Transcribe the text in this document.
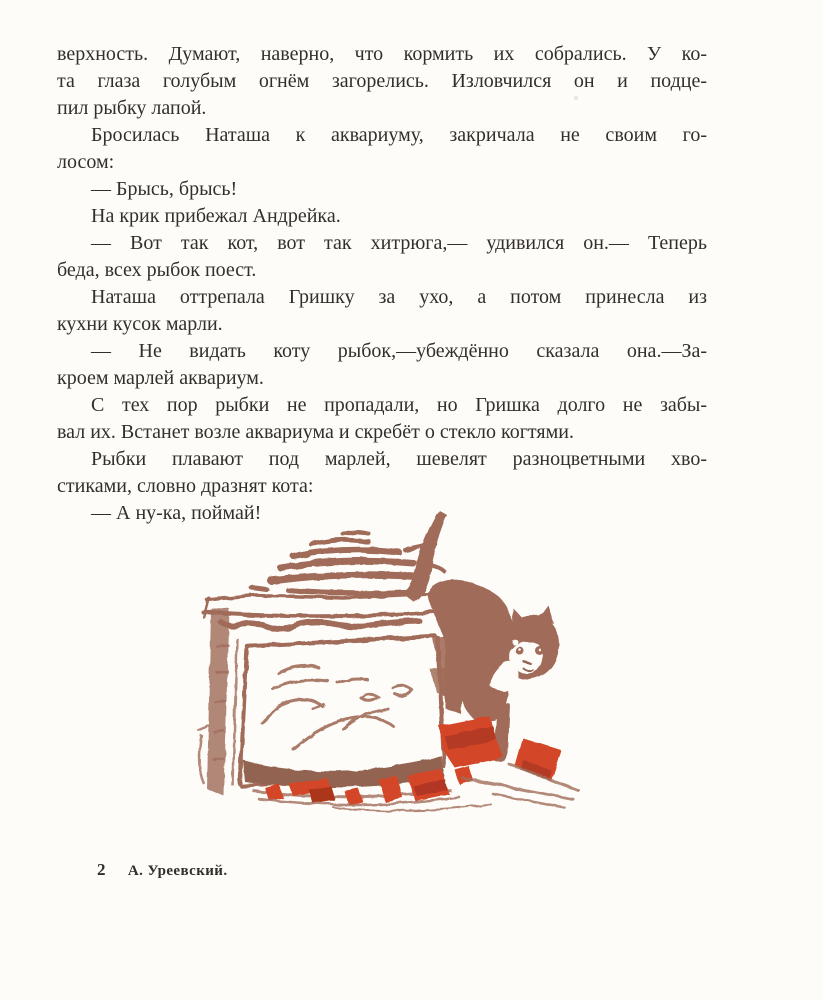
верхность. Думают, наверно, что кормить их собрались. У ко-
та глаза голубым огнём загорелись. Изловчился он и подце-
пил рыбку лапой.
Бросилась Наташа к аквариуму, закричала не своим го-
лосом:
— Брысь, брысь!
На крик прибежал Андрейка.
— Вот так кот, вот так хитрюга,— удивился он.— Теперь
беда, всех рыбок поест.
Наташа оттрепала Гришку за ухо, а потом принесла из
кухни кусок марли.
— Не видать коту рыбок,—убеждённо сказала она.—За-
кроем марлей аквариум.
С тех пор рыбки не пропадали, но Гришка долго не забы-
вал их. Встанет возле аквариума и скребёт о стекло когтями.
Рыбки плавают под марлей, шевелят разноцветными хво-
стиками, словно дразнят кота:
— А ну-ка, поймай!
2 А. Уреевский.
